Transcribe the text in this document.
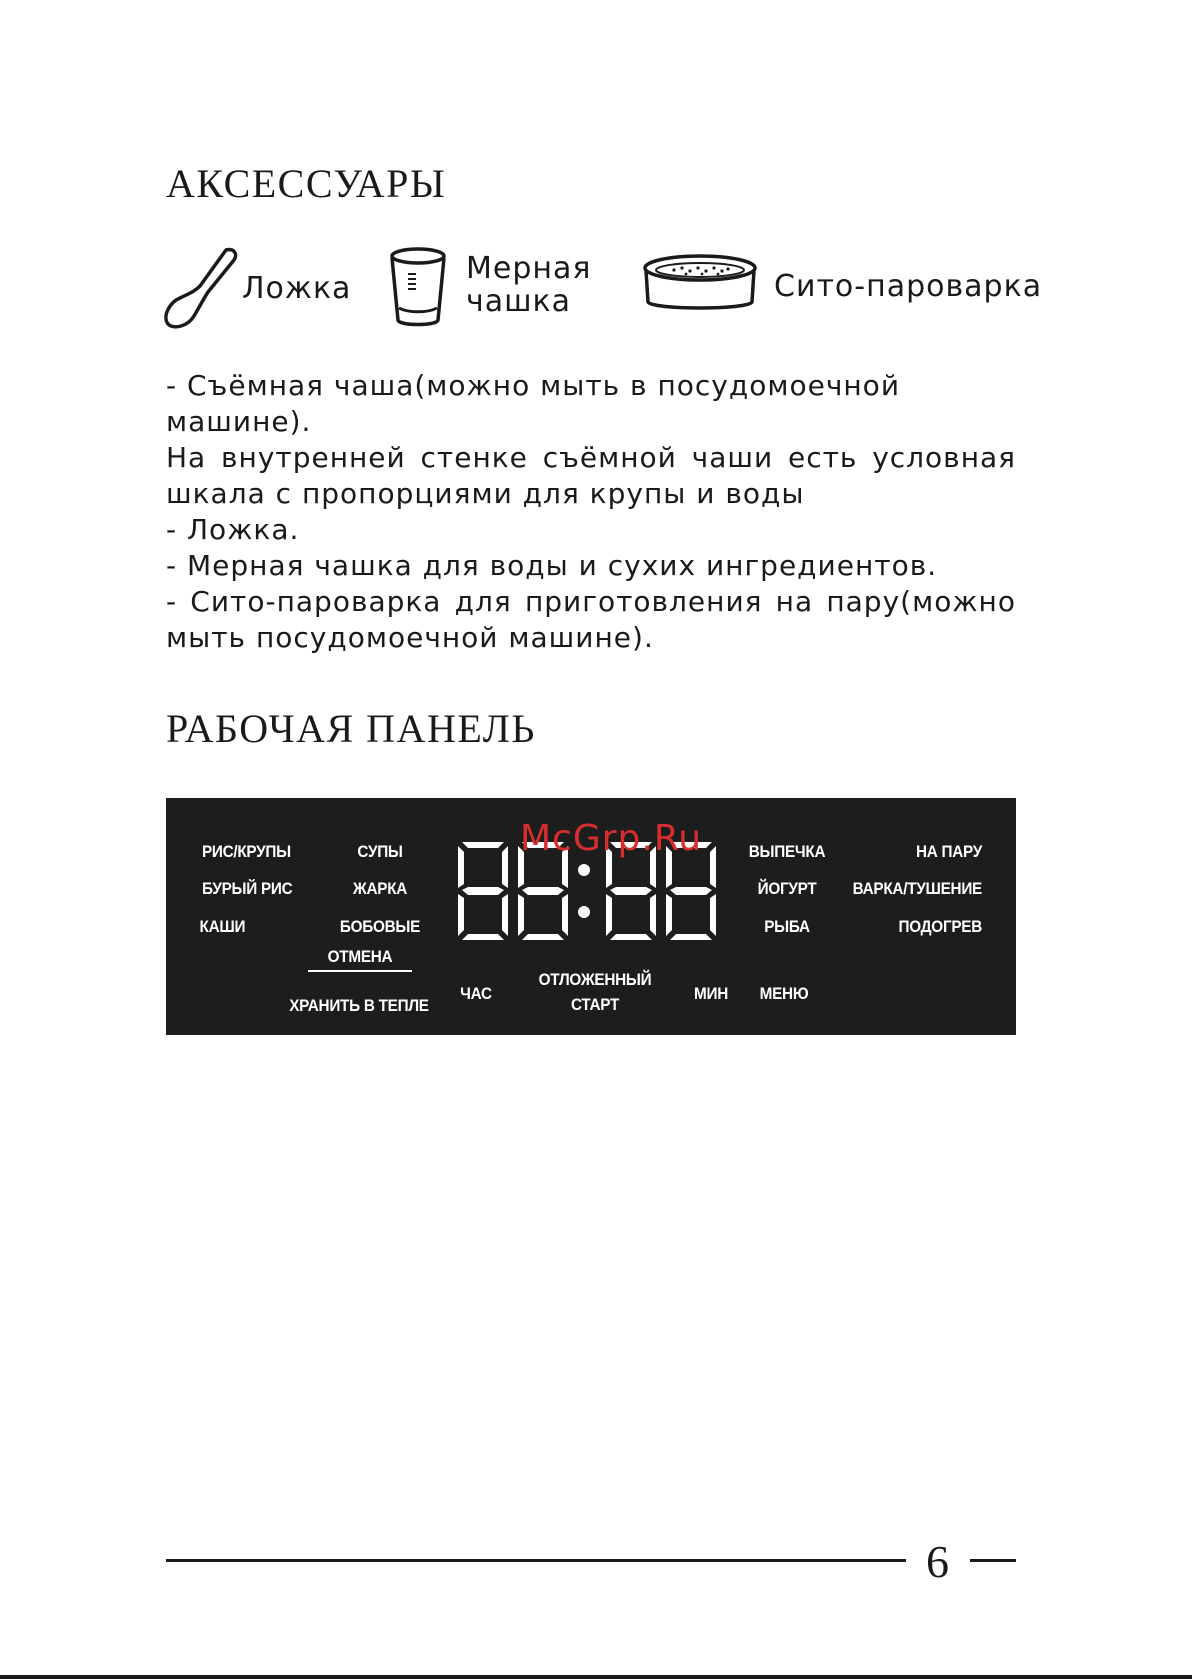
АКСЕССУАРЫ
Ложка
Мерная
чашка	Сито-пароварка

- Съёмная чаша(можно мыть в посудомоечной машине).

На внутренней стенке съёмной чаши есть условная

шкала с пропорциями для крупы и воды

- Ложка.

- Мерная чашка для воды и сухих ингредиентов.

- Сито-пароварка для приготовления на пару(можно

мыть посудомоечной машине).

РАБОЧАЯ ПАНЕЛЬ
РИС/КРУПЫ
БУРЫЙ РИС
КАШИ
СУПЫ
ЖАРКА
БОБОВЫЕ
ВЫПЕЧКА
ЙОГУРТ
РЫБА
НА ПАРУ
ВАРКА/ТУШЕНИЕ
ПОДОГРЕВ
ОТМЕНА
ХРАНИТЬ В ТЕПЛЕ
ЧАС
ОТЛОЖЕННЫЙ
СТАРТ
МИН МЕНЮ
McGrp.Ru
6
